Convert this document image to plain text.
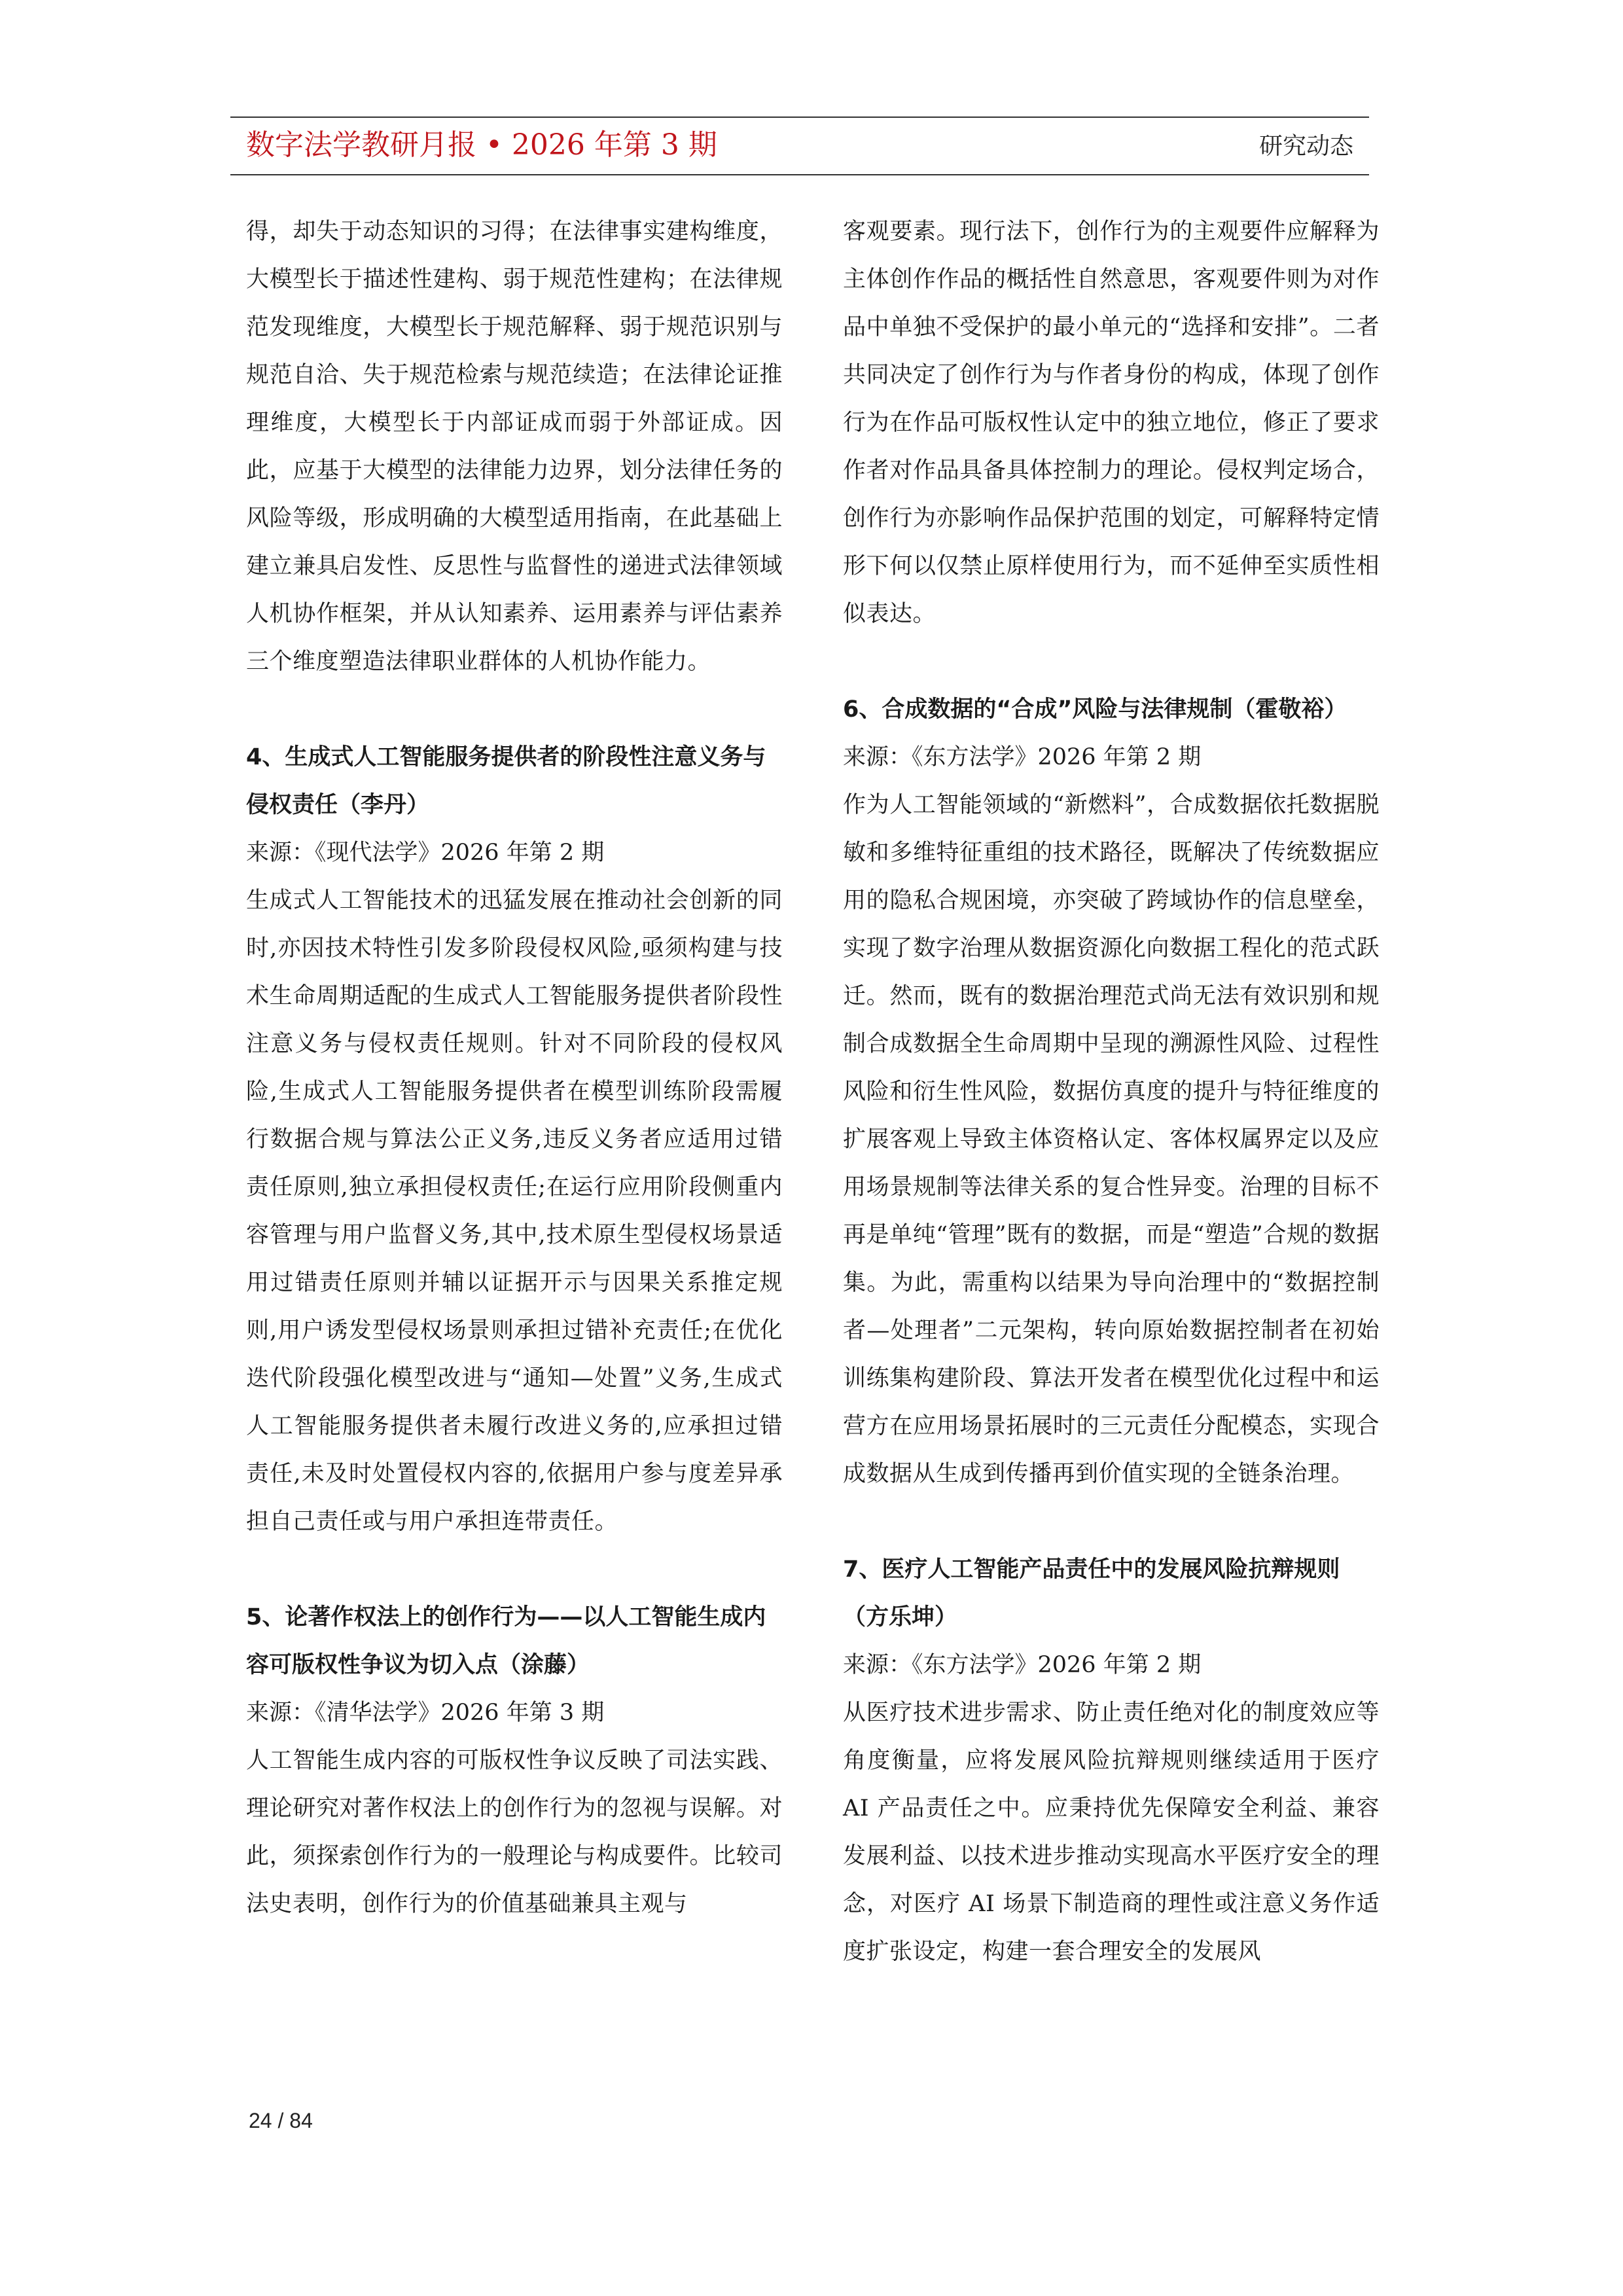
数字法学教研月报 • 2026 年第 3 期	研究动态

得，却失于动态知识的习得；在法律事实建构维度，大模型长于描述性建构、弱于规范性建构；在法律规范发现维度，大模型长于规范解释、弱于规范识别与规范自洽、失于规范检索与规范续造；在法律论证推理维度，大模型长于内部证成而弱于外部证成。因此，应基于大模型的法律能力边界，划分法律任务的风险等级，形成明确的大模型适用指南，在此基础上建立兼具启发性、反思性与监督性的递进式法律领域人机协作框架，并从认知素养、运用素养与评估素养三个维度塑造法律职业群体的人机协作能力。

4、生成式人工智能服务提供者的阶段性注意义务与侵权责任（李丹）

来源：《现代法学》2026 年第 2 期

生成式人工智能技术的迅猛发展在推动社会创新的同时,亦因技术特性引发多阶段侵权风险,亟须构建与技术生命周期适配的生成式人工智能服务提供者阶段性注意义务与侵权责任规则。针对不同阶段的侵权风险,生成式人工智能服务提供者在模型训练阶段需履行数据合规与算法公正义务,违反义务者应适用过错责任原则,独立承担侵权责任;在运行应用阶段侧重内容管理与用户监督义务,其中,技术原生型侵权场景适用过错责任原则并辅以证据开示与因果关系推定规则,用户诱发型侵权场景则承担过错补充责任;在优化迭代阶段强化模型改进与“通知—处置”义务,生成式人工智能服务提供者未履行改进义务的,应承担过错责任,未及时处置侵权内容的,依据用户参与度差异承担自己责任或与用户承担连带责任。

5、论著作权法上的创作行为——以人工智能生成内容可版权性争议为切入点（涂藤）

来源：《清华法学》2026 年第 3 期

人工智能生成内容的可版权性争议反映了司法实践、理论研究对著作权法上的创作行为的忽视与误解。对此，须探索创作行为的一般理论与构成要件。比较司法史表明，创作行为的价值基础兼具主观与

客观要素。现行法下，创作行为的主观要件应解释为主体创作作品的概括性自然意思，客观要件则为对作品中单独不受保护的最小单元的“选择和安排”。二者共同决定了创作行为与作者身份的构成，体现了创作行为在作品可版权性认定中的独立地位，修正了要求作者对作品具备具体控制力的理论。侵权判定场合，创作行为亦影响作品保护范围的划定，可解释特定情形下何以仅禁止原样使用行为，而不延伸至实质性相似表达。

6、合成数据的“合成”风险与法律规制（霍敬裕）

来源：《东方法学》2026 年第 2 期

作为人工智能领域的“新燃料”，合成数据依托数据脱敏和多维特征重组的技术路径，既解决了传统数据应用的隐私合规困境，亦突破了跨域协作的信息壁垒，实现了数字治理从数据资源化向数据工程化的范式跃迁。然而，既有的数据治理范式尚无法有效识别和规制合成数据全生命周期中呈现的溯源性风险、过程性风险和衍生性风险，数据仿真度的提升与特征维度的扩展客观上导致主体资格认定、客体权属界定以及应用场景规制等法律关系的复合性异变。治理的目标不再是单纯“管理”既有的数据，而是“塑造”合规的数据集。为此，需重构以结果为导向治理中的“数据控制者—处理者”二元架构，转向原始数据控制者在初始训练集构建阶段、算法开发者在模型优化过程中和运营方在应用场景拓展时的三元责任分配模态，实现合成数据从生成到传播再到价值实现的全链条治理。

7、医疗人工智能产品责任中的发展风险抗辩规则（方乐坤）

来源：《东方法学》2026 年第 2 期

从医疗技术进步需求、防止责任绝对化的制度效应等角度衡量，应将发展风险抗辩规则继续适用于医疗 AI 产品责任之中。应秉持优先保障安全利益、兼容发展利益、以技术进步推动实现高水平医疗安全的理念，对医疗 AI 场景下制造商的理性或注意义务作适度扩张设定，构建一套合理安全的发展风

24 / 84
